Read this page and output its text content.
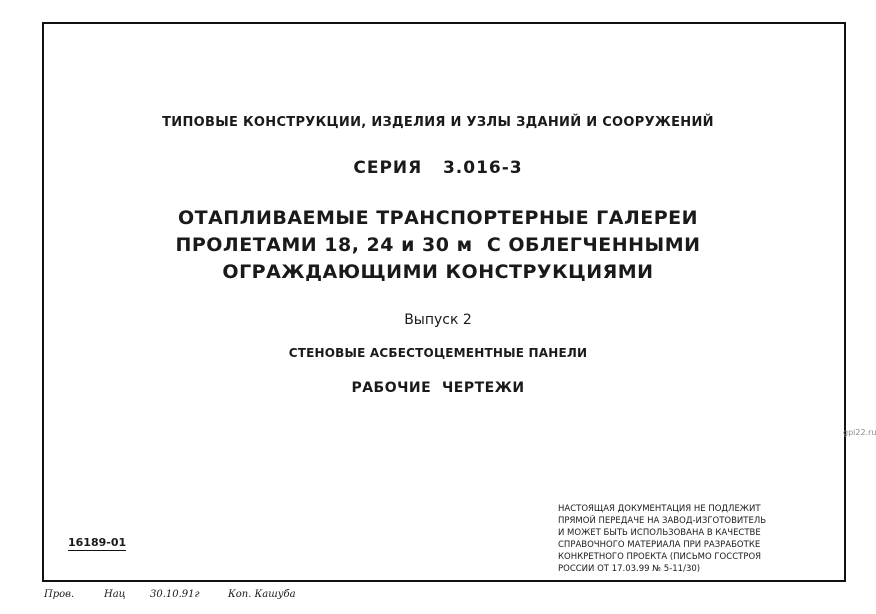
ТИПОВЫЕ КОНСТРУКЦИИ, ИЗДЕЛИЯ И УЗЛЫ ЗДАНИЙ И СООРУЖЕНИЙ
СЕРИЯ   3.016-3
ОТАПЛИВАЕМЫЕ ТРАНСПОРТЕРНЫЕ ГАЛЕРЕИ
ПРОЛЕТАМИ 18, 24 и 30 м  С ОБЛЕГЧЕННЫМИ
ОГРАЖДАЮЩИМИ КОНСТРУКЦИЯМИ
Выпуск 2
СТЕНОВЫЕ АСБЕСТОЦЕМЕНТНЫЕ ПАНЕЛИ
РАБОЧИЕ  ЧЕРТЕЖИ
gpi22.ru
НАСТОЯЩАЯ ДОКУМЕНТАЦИЯ НЕ ПОДЛЕЖИТ
ПРЯМОЙ ПЕРЕДАЧЕ НА ЗАВОД-ИЗГОТОВИТЕЛЬ
И МОЖЕТ БЫТЬ ИСПОЛЬЗОВАНА В КАЧЕСТВЕ
СПРАВОЧНОГО МАТЕРИАЛА ПРИ РАЗРАБОТКЕ
КОНКРЕТНОГО ПРОЕКТА (ПИСЬМО ГОССТРОЯ
РОССИИ ОТ 17.03.99 № 5-11/30)
16189-01
Пров.	Нац 30.10.91г	Коп. Кашуба
